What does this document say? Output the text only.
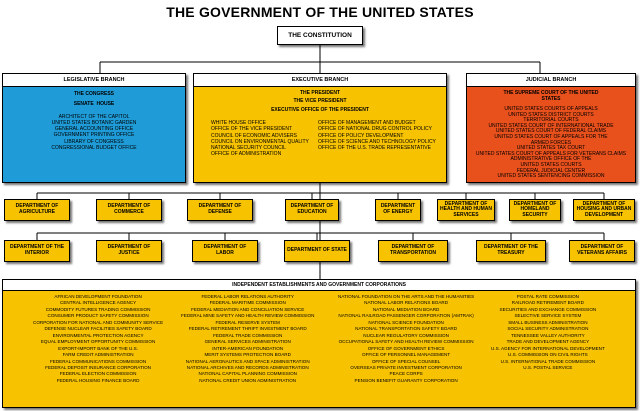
THE GOVERNMENT OF THE UNITED STATES
THE CONSTITUTION
LEGISLATIVE BRANCH
THE CONGRESS
SENATE  HOUSE
ARCHITECT OF THE CAPITOL
UNITED STATES BOTANIC GARDEN
GENERAL ACCOUNTING OFFICE
GOVERNMENT PRINTING OFFICE
LIBRARY OF CONGRESS
CONGRESSIONAL BUDGET OFFICE
EXECUTIVE BRANCH
THE PRESIDENT
THE VICE PRESIDENT
EXECUTIVE OFFICE OF THE PRESIDENT
WHITE HOUSE OFFICE
OFFICE OF THE VICE PRESIDENT
COUNCIL OF ECONOMIC ADVISERS
COUNCIL ON ENVIRONMENTAL QUALITY
NATIONAL SECURITY COUNCIL
OFFICE OF ADMINISTRATION
OFFICE OF MANAGEMENT AND BUDGET
OFFICE OF NATIONAL DRUG CONTROL POLICY
OFFICE OF POLICY DEVELOPMENT
OFFICE OF SCIENCE AND TECHNOLOGY POLICY
OFFICE OF THE U.S. TRADE REPRESENTATIVE
JUDICIAL BRANCH
THE SUPREME COURT OF THE UNITED STATES
UNITED STATES COURTS OF APPEALS
UNITED STATES DISTRICT COURTS
TERRITORIAL COURTS
UNITED STATES COURT OF INTERNATIONAL TRADE
UNITED STATES COURT OF FEDERAL CLAIMS
UNITED STATES COURT OF APPEALS FOR THE
ARMED FORCES
UNITED STATES TAX COURT
UNITED STATES COURT OF APPEALS FOR VETERANS CLAIMS
ADMINISTRATIVE OFFICE OF THE
UNITED STATES COURTS
FEDERAL JUDICIAL CENTER
UNITED STATES SENTENCING COMMISSION
DEPARTMENT OF AGRICULTURE
DEPARTMENT OF COMMERCE
DEPARTMENT OF DEFENSE
DEPARTMENT OF EDUCATION
DEPARTMENT OF ENERGY
DEPARTMENT OF HEALTH AND HUMAN SERVICES
DEPARTMENT OF HOMELAND SECURITY
DEPARTMENT OF HOUSING AND URBAN DEVELOPMENT
DEPARTMENT OF THE INTERIOR
DEPARTMENT OF JUSTICE
DEPARTMENT OF LABOR	DEPARTMENT OF STATE	DEPARTMENT OF TRANSPORTATION
DEPARTMENT OF THE TREASURY
DEPARTMENT OF VETERANS AFFAIRS
INDEPENDENT ESTABLISHMENTS AND GOVERNMENT CORPORATIONS
AFRICAN DEVELOPMENT FOUNDATION
CENTRAL INTELLIGENCE AGENCY
COMMODITY FUTURES TRADING COMMISSION
CONSUMER PRODUCT SAFETY COMMISSION
CORPORATION FOR NATIONAL AND COMMUNITY SERVICE
DEFENSE NUCLEAR FACILITIES SAFETY BOARD
ENVIRONMENTAL PROTECTION AGENCY
EQUAL EMPLOYMENT OPPORTUNITY COMMISSION
EXPORT-IMPORT BANK OF THE U.S.
FARM CREDIT ADMINISTRATION
FEDERAL COMMUNICATIONS COMMISSION
FEDERAL DEPOSIT INSURANCE CORPORATION
FEDERAL ELECTION COMMISSION
FEDERAL HOUSING FINANCE BOARD
FEDERAL LABOR RELATIONS AUTHORITY
FEDERAL MARITIME COMMISSION
FEDERAL MEDIATION AND CONCILIATION SERVICE
FEDERAL MINE SAFETY AND HEALTH REVIEW COMMISSION
FEDERAL RESERVE SYSTEM
FEDERAL RETIREMENT THRIFT INVESTMENT BOARD
FEDERAL TRADE COMMISSION
GENERAL SERVICES ADMINISTRATION
INTER-AMERICAN FOUNDATION
MERIT SYSTEMS PROTECTION BOARD
NATIONAL AERONAUTICS AND SPACE ADMINISTRATION
NATIONAL ARCHIVES AND RECORDS ADMINISTRATION
NATIONAL CAPITAL PLANNING COMMISSION
NATIONAL CREDIT UNION ADMINISTRATION
NATIONAL FOUNDATION ON THE ARTS AND THE HUMANITIES
NATIONAL LABOR RELATIONS BOARD
NATIONAL MEDIATION BOARD
NATIONAL RAILROAD PASSENGER CORPORATION (AMTRAK)
NATIONAL SCIENCE FOUNDATION
NATIONAL TRANSPORTATION SAFETY BOARD
NUCLEAR REGULATORY COMMISSION
OCCUPATIONAL SAFETY AND HEALTH REVIEW COMMISSION
OFFICE OF GOVERNMENT ETHICS
OFFICE OF PERSONNEL MANAGEMENT
OFFICE OF SPECIAL COUNSEL
OVERSEAS PRIVATE INVESTMENT CORPORATION
PEACE CORPS
PENSION BENEFIT GUARANTY CORPORATION
POSTAL RATE COMMISSION
RAILROAD RETIREMENT BOARD
SECURITIES AND EXCHANGE COMMISSION
SELECTIVE SERVICE SYSTEM
SMALL BUSINESS ADMINISTRATION
SOCIAL SECURITY ADMINISTRATION
TENNESSEE VALLEY AUTHORITY
TRADE AND DEVELOPMENT AGENCY
U.S. AGENCY FOR INTERNATIONAL DEVELOPMENT
U.S. COMMISSION ON CIVIL RIGHTS
U.S. INTERNATIONAL TRADE COMMISSION
U.S. POSTAL SERVICE
